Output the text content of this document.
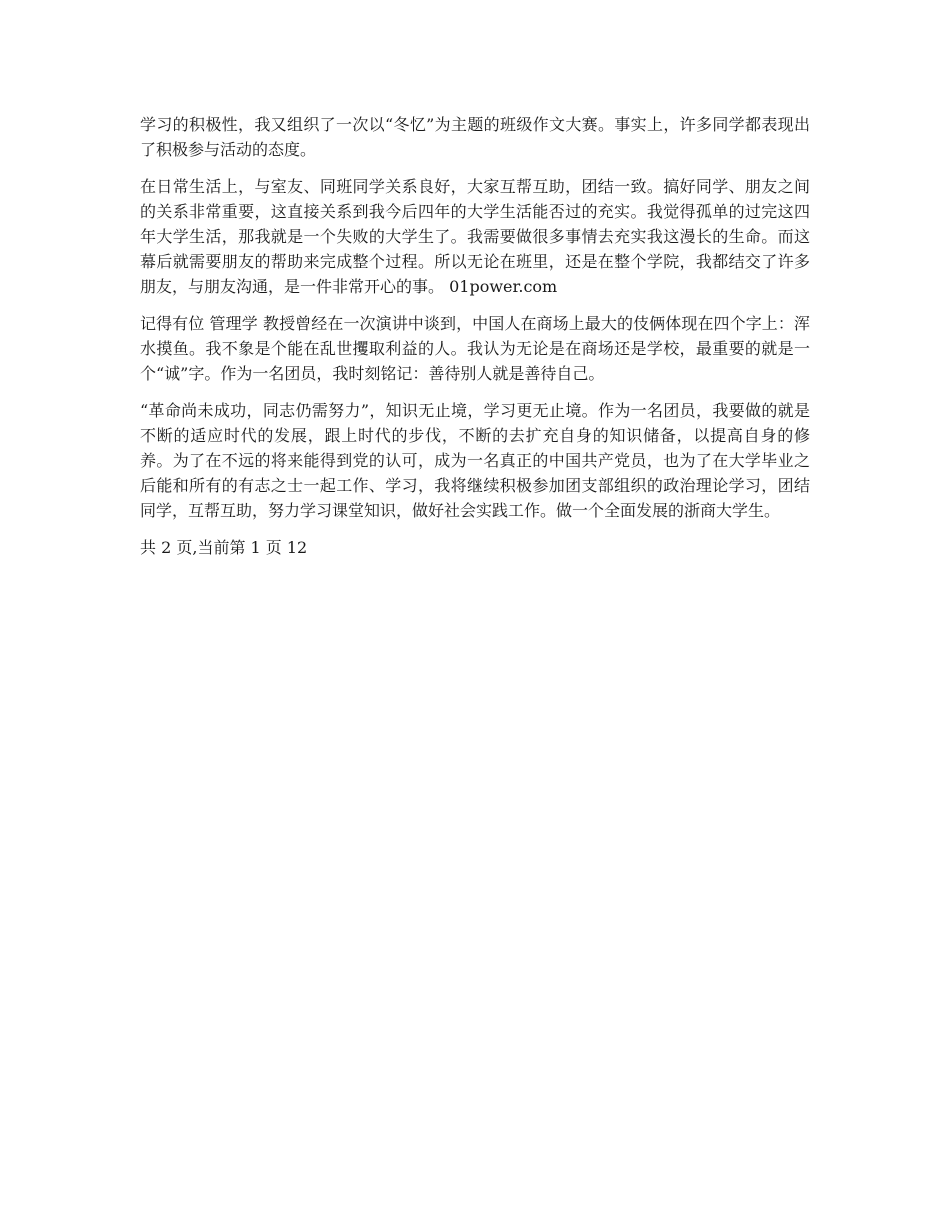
学习的积极性，我又组织了一次以“冬忆”为主题的班级作文大赛。事实上，许多同学都表现出了积极参与活动的态度。

在日常生活上，与室友、同班同学关系良好，大家互帮互助，团结一致。搞好同学、朋友之间的关系非常重要，这直接关系到我今后四年的大学生活能否过的充实。我觉得孤单的过完这四年大学生活，那我就是一个失败的大学生了。我需要做很多事情去充实我这漫长的生命。而这幕后就需要朋友的帮助来完成整个过程。所以无论在班里，还是在整个学院，我都结交了许多朋友，与朋友沟通，是一件非常开心的事。 01power.com

记得有位 管理学 教授曾经在一次演讲中谈到，中国人在商场上最大的伎俩体现在四个字上：浑水摸鱼。我不象是个能在乱世攫取利益的人。我认为无论是在商场还是学校，最重要的就是一个“诚”字。作为一名团员，我时刻铭记：善待别人就是善待自己。

“革命尚未成功，同志仍需努力”，知识无止境，学习更无止境。作为一名团员，我要做的就是不断的适应时代的发展，跟上时代的步伐，不断的去扩充自身的知识储备，以提高自身的修养。为了在不远的将来能得到党的认可，成为一名真正的中国共产党员，也为了在大学毕业之后能和所有的有志之士一起工作、学习，我将继续积极参加团支部组织的政治理论学习，团结同学，互帮互助，努力学习课堂知识，做好社会实践工作。做一个全面发展的浙商大学生。

共 2 页,当前第 1 页 12
